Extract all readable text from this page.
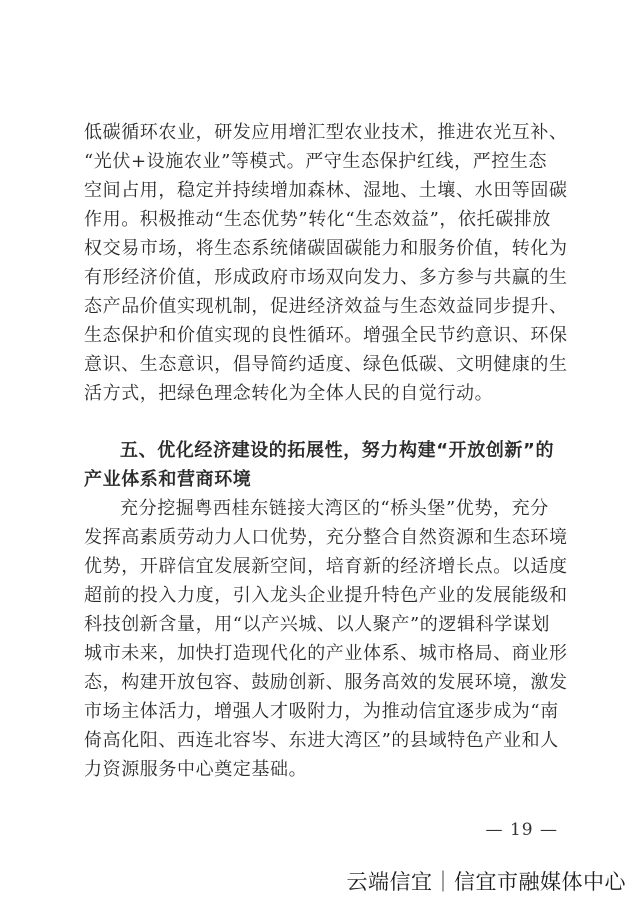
低碳循环农业，研发应用增汇型农业技术，推进农光互补、
“光伏+设施农业”等模式。严守生态保护红线，严控生态
空间占用，稳定并持续增加森林、湿地、土壤、水田等固碳
作用。积极推动“生态优势”转化“生态效益”，依托碳排放
权交易市场，将生态系统储碳固碳能力和服务价值，转化为
有形经济价值，形成政府市场双向发力、多方参与共赢的生
态产品价值实现机制，促进经济效益与生态效益同步提升、
生态保护和价值实现的良性循环。增强全民节约意识、环保
意识、生态意识，倡导简约适度、绿色低碳、文明健康的生
活方式，把绿色理念转化为全体人民的自觉行动。
五、优化经济建设的拓展性，努力构建“开放创新”的
产业体系和营商环境
充分挖掘粤西桂东链接大湾区的“桥头堡”优势，充分
发挥高素质劳动力人口优势，充分整合自然资源和生态环境
优势，开辟信宜发展新空间，培育新的经济增长点。以适度
超前的投入力度，引入龙头企业提升特色产业的发展能级和
科技创新含量，用“以产兴城、以人聚产”的逻辑科学谋划
城市未来，加快打造现代化的产业体系、城市格局、商业形
态，构建开放包容、鼓励创新、服务高效的发展环境，激发
市场主体活力，增强人才吸附力，为推动信宜逐步成为“南
倚高化阳、西连北容岑、东进大湾区”的县域特色产业和人
力资源服务中心奠定基础。
— 19 —
云端信宜｜信宜市融媒体中心
